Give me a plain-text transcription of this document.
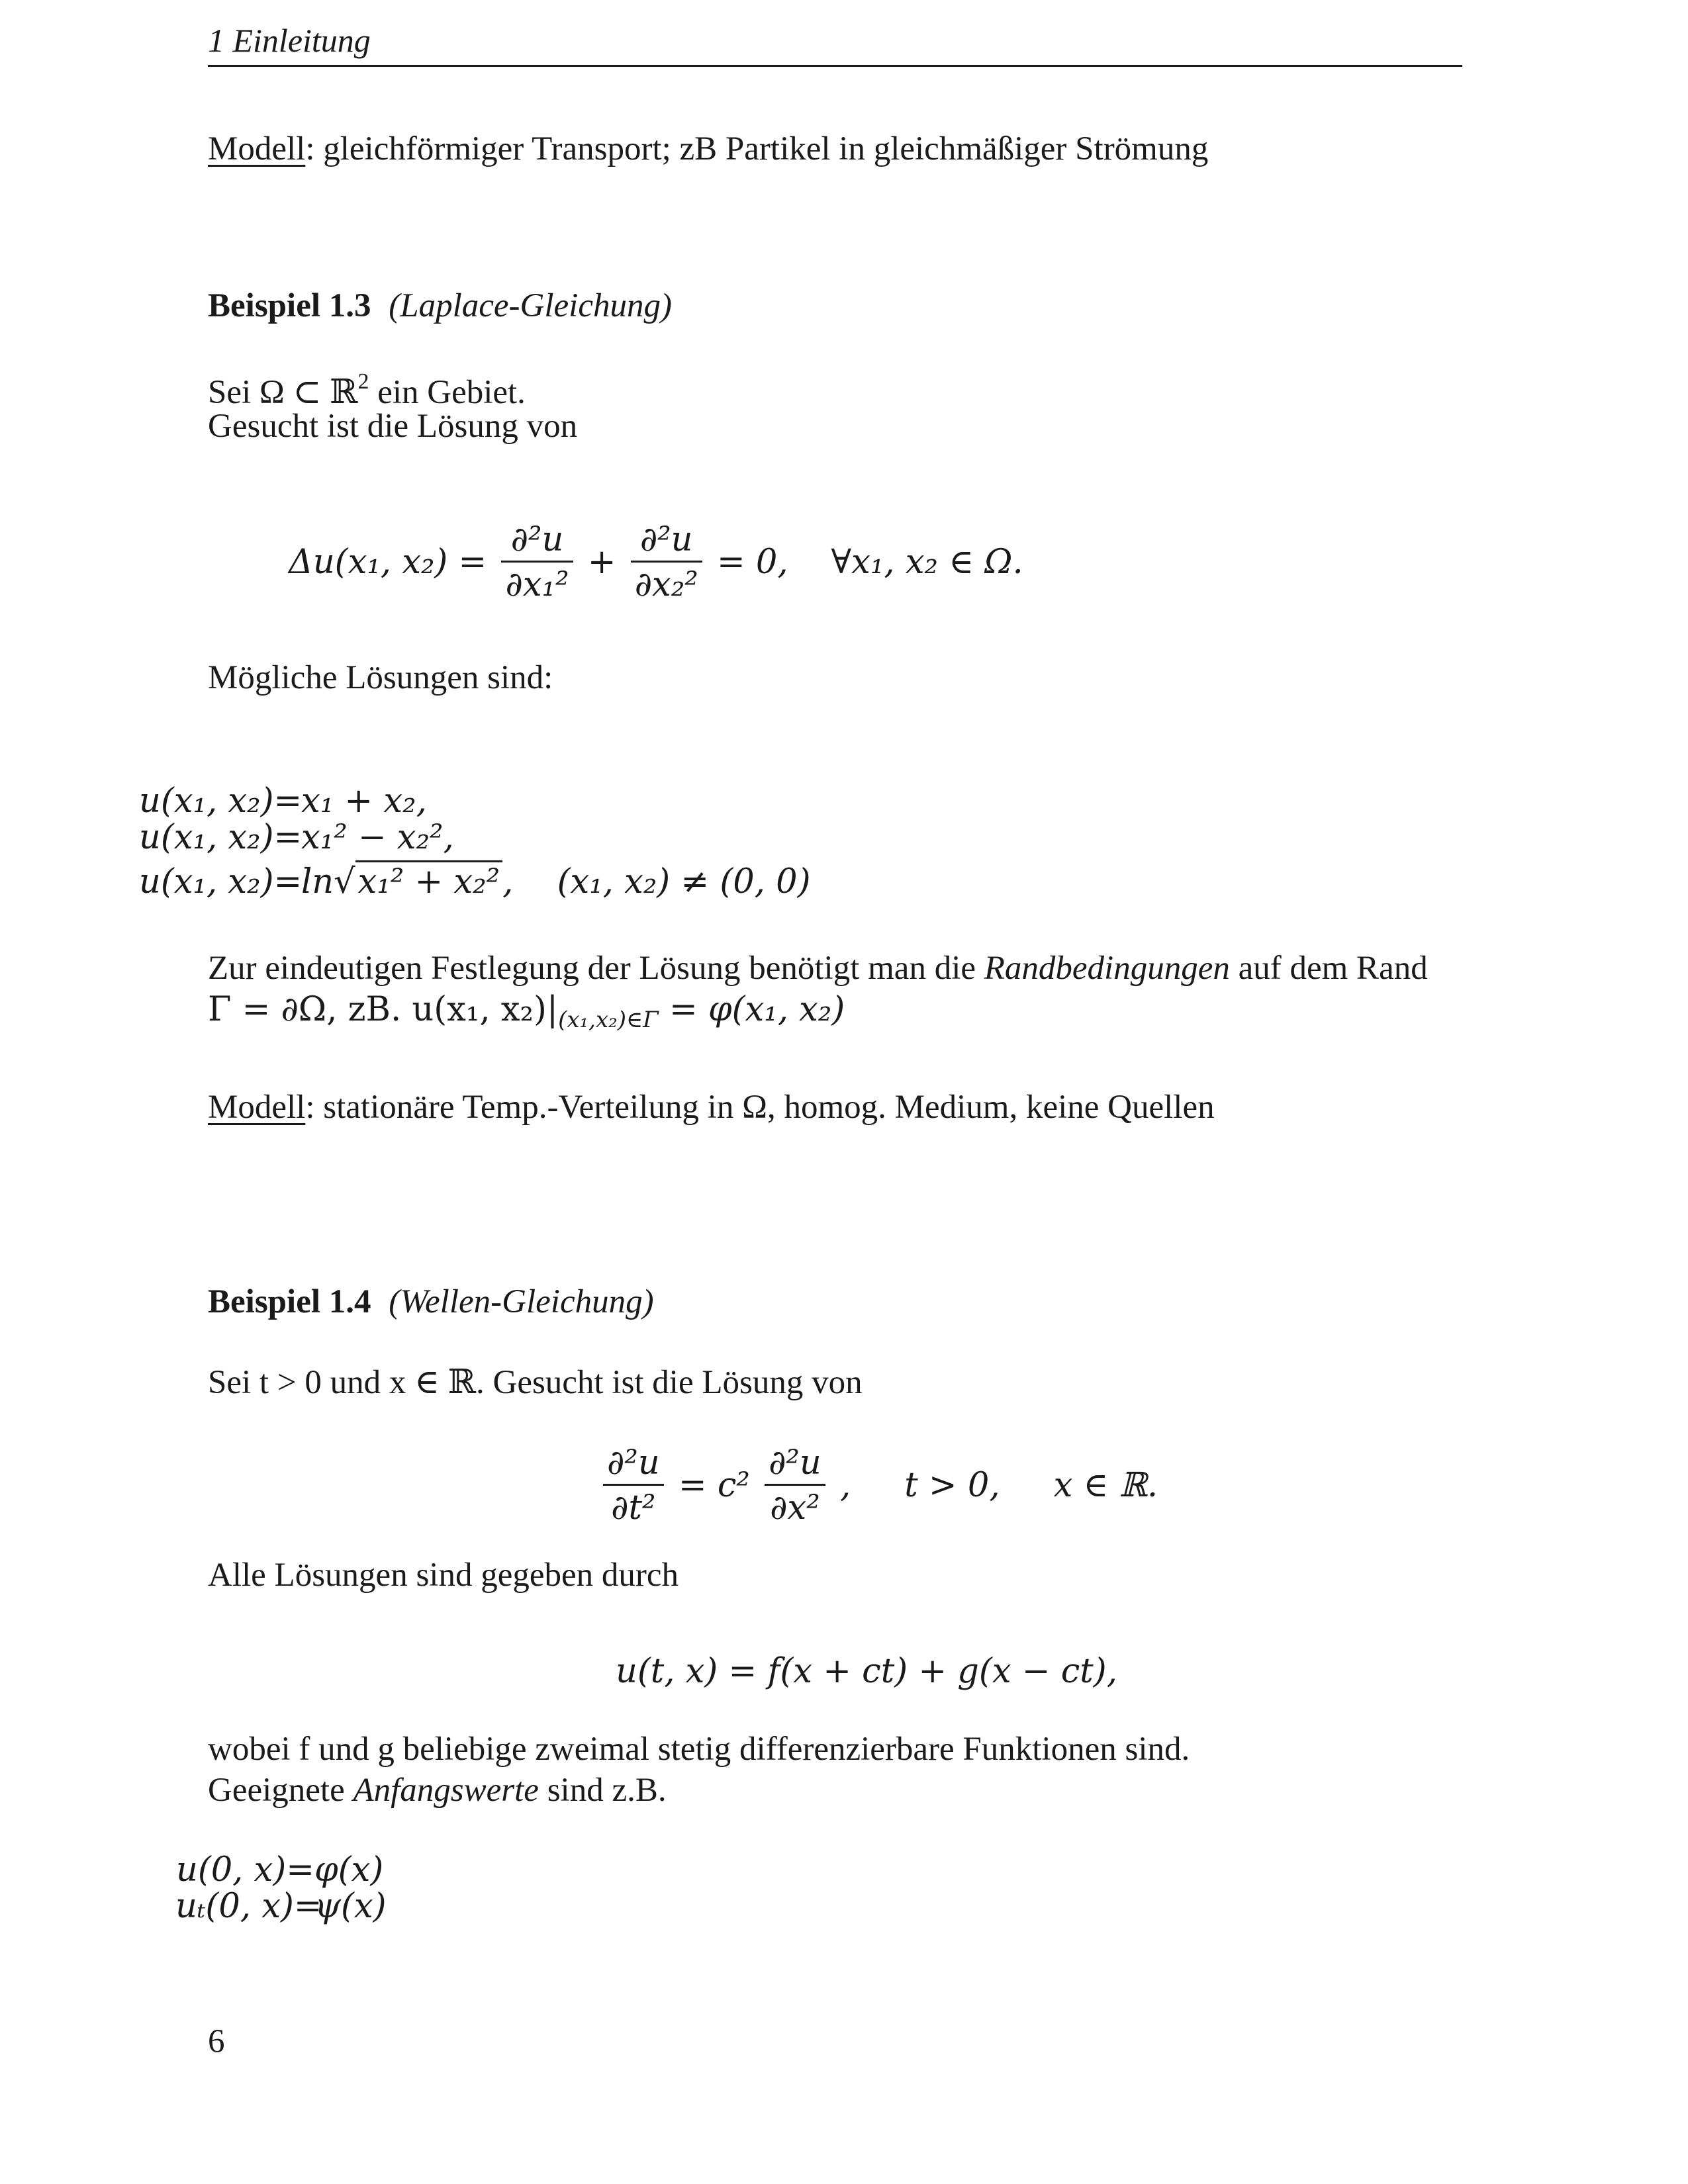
1 Einleitung
Modell: gleichförmiger Transport; zB Partikel in gleichmäßiger Strömung
Beispiel 1.3 (Laplace-Gleichung)
Sei Ω ⊂ ℝ$^2$ ein Gebiet.
Gesucht ist die Lösung von
Δu(x₁, $x_2) = \frac{\text{∂²u}}{\text{∂x₁²}} + \frac{\text{∂²u}}{\text{∂x₂²}} = 0$,    ∀x₁, x₂ ∈ Ω.
Mögliche Lösungen sind:
u(x₁, x₂)=x₁ + x₂,
u(x₁, x₂)=x₁² − x₂²,
u(x₁, x₂)=ln√x₁² + x₂², (x₁, x₂) ≠ (0, 0)
Zur eindeutigen Festlegung der Lösung benötigt man die Randbedingungen auf dem Rand
Γ = ∂Ω, zB. u(x₁, $x_2)|_{(x_1,x_2)\in\Gamma} = \varphi(x_1$, x₂)
Modell: stationäre Temp.-Verteilung in Ω, homog. Medium, keine Quellen
Beispiel 1.4 (Wellen-Gleichung)
Sei t > 0 und x ∈ ℝ. Gesucht ist die Lösung von
$\frac{\text{∂²u}}{\text{∂t²}} = c^2 \frac{\text{∂²u}}{\text{∂x²}}$ ,     t > 0,     x ∈ ℝ.
Alle Lösungen sind gegeben durch
u(t, x) = f(x + ct) + g(x − ct),
wobei f und g beliebige zweimal stetig differenzierbare Funktionen sind.
Geeignete Anfangswerte sind z.B.
u(0, x)=φ(x)
uₜ(0, x)=ψ(x)
6
